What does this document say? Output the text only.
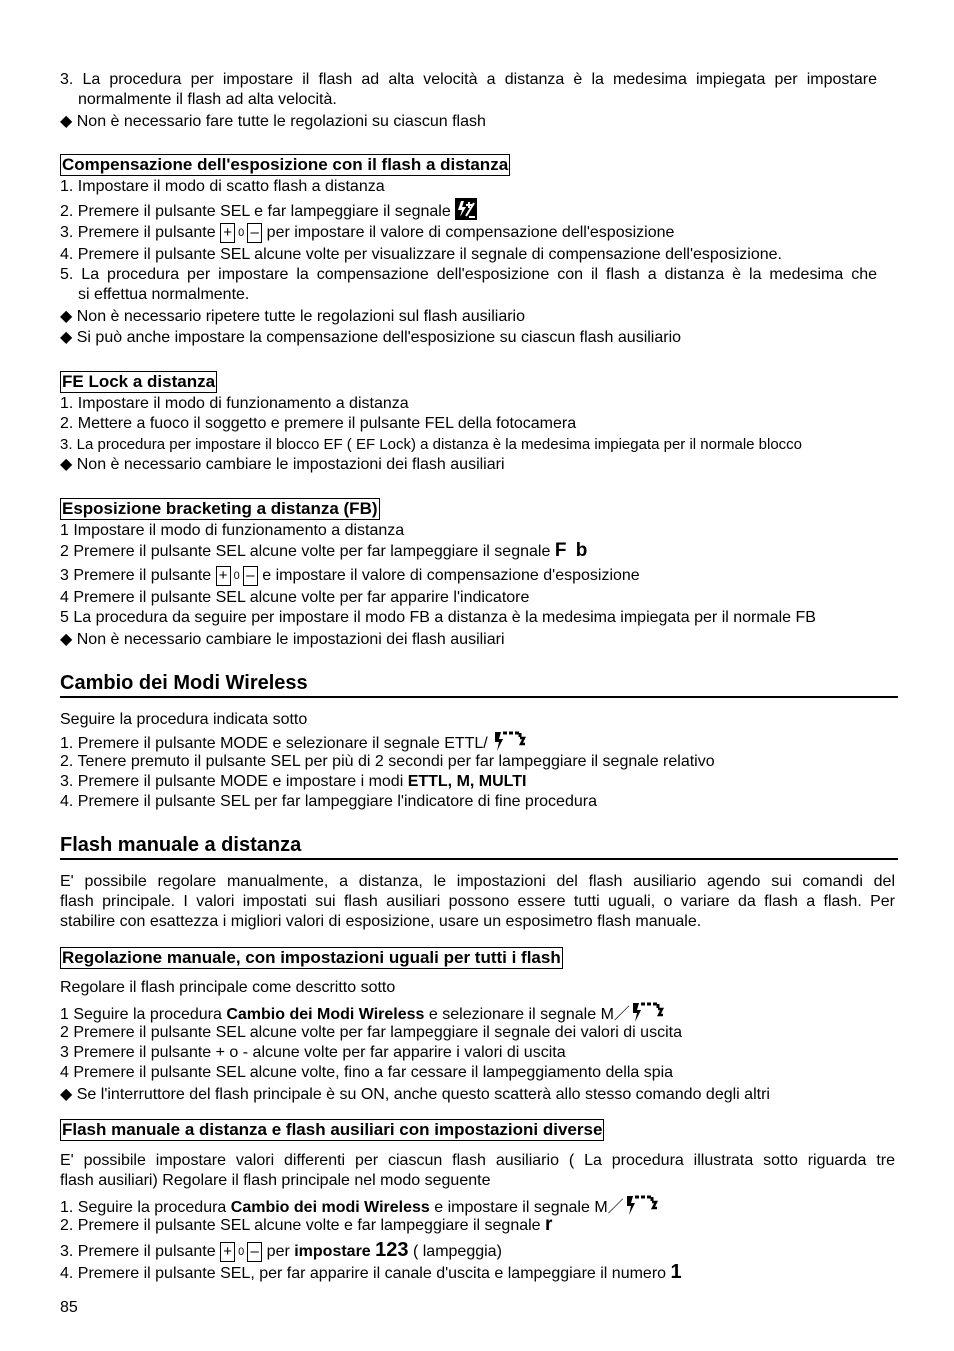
3. La procedura per impostare il flash ad alta velocità a distanza è la medesima impiegata per impostare
normalmente il flash ad alta velocità.
◆ Non è necessario fare tutte le regolazioni su ciascun flash
Compensazione dell'esposizione con il flash a distanza
1. Impostare il modo di scatto flash a distanza
2. Premere il pulsante SEL e far lampeggiare il segnale
3. Premere il pulsante + 0 – per impostare il valore di compensazione dell'esposizione
4. Premere il pulsante SEL alcune volte per visualizzare il segnale di compensazione dell'esposizione.
5. La procedura per impostare la compensazione dell'esposizione con il flash a distanza è la medesima che
si effettua normalmente.
◆ Non è necessario ripetere tutte le regolazioni sul flash ausiliario
◆ Si può anche impostare la compensazione dell'esposizione su ciascun flash ausiliario
FE Lock a distanza
1. Impostare il modo di funzionamento a distanza
2. Mettere a fuoco il soggetto e premere il pulsante FEL della fotocamera
3. La procedura per impostare il blocco EF ( EF Lock) a distanza è la medesima impiegata per il normale blocco
◆ Non è necessario cambiare le impostazioni dei flash ausiliari
Esposizione bracketing a distanza (FB)
1 Impostare il modo di funzionamento a distanza
2 Premere il pulsante SEL alcune volte per far lampeggiare il segnale F b
3 Premere il pulsante + 0 – e impostare il valore di compensazione d'esposizione
4 Premere il pulsante SEL alcune volte per far apparire l'indicatore
5 La procedura da seguire per impostare il modo FB a distanza è la medesima impiegata per il normale FB
◆ Non è necessario cambiare le impostazioni dei flash ausiliari
Cambio dei Modi Wireless
Seguire la procedura indicata sotto
1. Premere il pulsante MODE e selezionare il segnale ETTL/
2. Tenere premuto il pulsante SEL per più di 2 secondi per far lampeggiare il segnale relativo
3. Premere il pulsante MODE e impostare i modi ETTL, M, MULTI
4. Premere il pulsante SEL per far lampeggiare l'indicatore di fine procedura
Flash manuale a distanza
E' possibile regolare manualmente, a distanza, le impostazioni del flash ausiliario agendo sui comandi del
flash principale. I valori impostati sui flash ausiliari possono essere tutti uguali, o variare da flash a flash. Per
stabilire con esattezza i migliori valori di esposizione, usare un esposimetro flash manuale.
Regolazione manuale, con impostazioni uguali per tutti i flash
Regolare il flash principale come descritto sotto
1 Seguire la procedura Cambio dei Modi Wireless e selezionare il segnale M／
2 Premere il pulsante SEL alcune volte per far lampeggiare il segnale dei valori di uscita
3 Premere il pulsante + o - alcune volte per far apparire i valori di uscita
4 Premere il pulsante SEL alcune volte, fino a far cessare il lampeggiamento della spia
◆ Se l'interruttore del flash principale è su ON, anche questo scatterà allo stesso comando degli altri
Flash manuale a distanza e flash ausiliari con impostazioni diverse
E' possibile impostare valori differenti per ciascun flash ausiliario ( La procedura illustrata sotto riguarda tre
flash ausiliari) Regolare il flash principale nel modo seguente
1. Seguire la procedura Cambio dei modi Wireless e impostare il segnale M／
2. Premere il pulsante SEL alcune volte e far lampeggiare il segnale r
3. Premere il pulsante + 0 – per impostare 123 ( lampeggia)
4. Premere il pulsante SEL, per far apparire il canale d'uscita e lampeggiare il numero 1
85
